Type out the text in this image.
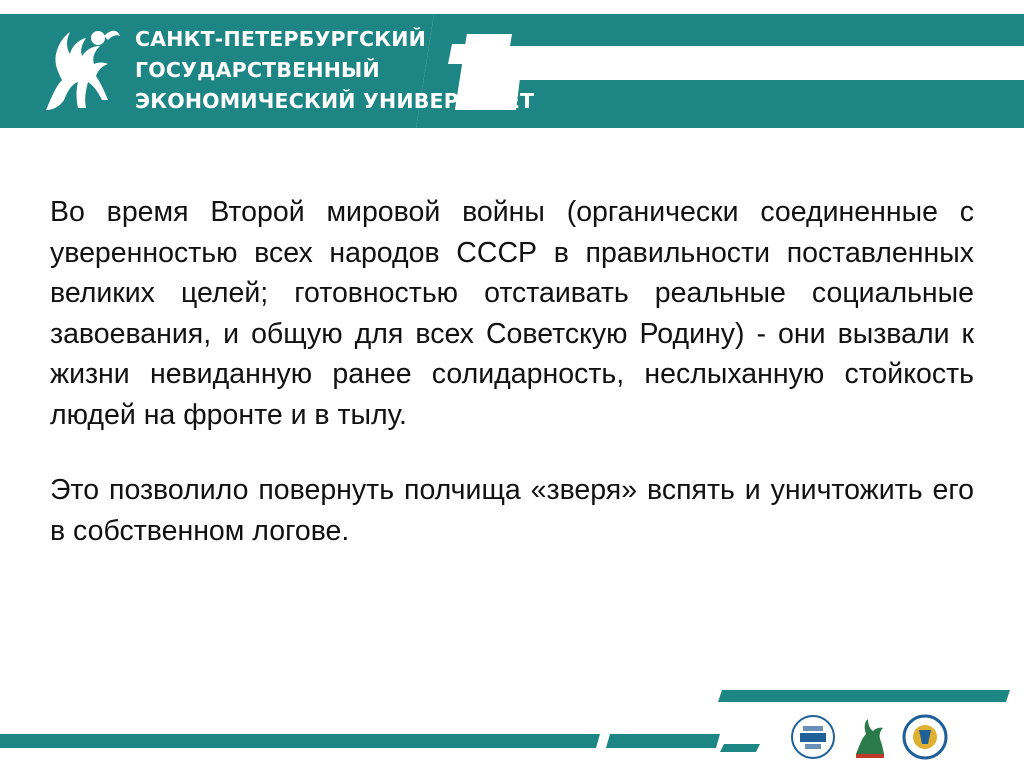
САНКТ-ПЕТЕРБУРГСКИЙ
ГОСУДАРСТВЕННЫЙ
ЭКОНОМИЧЕСКИЙ УНИВЕРСИТЕТ

Во время Второй мировой войны (органически соединенные с уверенностью всех народов СССР в правильности поставленных великих целей; готовностью отстаивать реальные социальные завоевания, и общую для всех Советскую Родину) - они вызвали к жизни невиданную ранее солидарность, неслыханную стойкость людей на фронте и в тылу.

Это позволило повернуть полчища «зверя» вспять и уничтожить его в собственном логове.
